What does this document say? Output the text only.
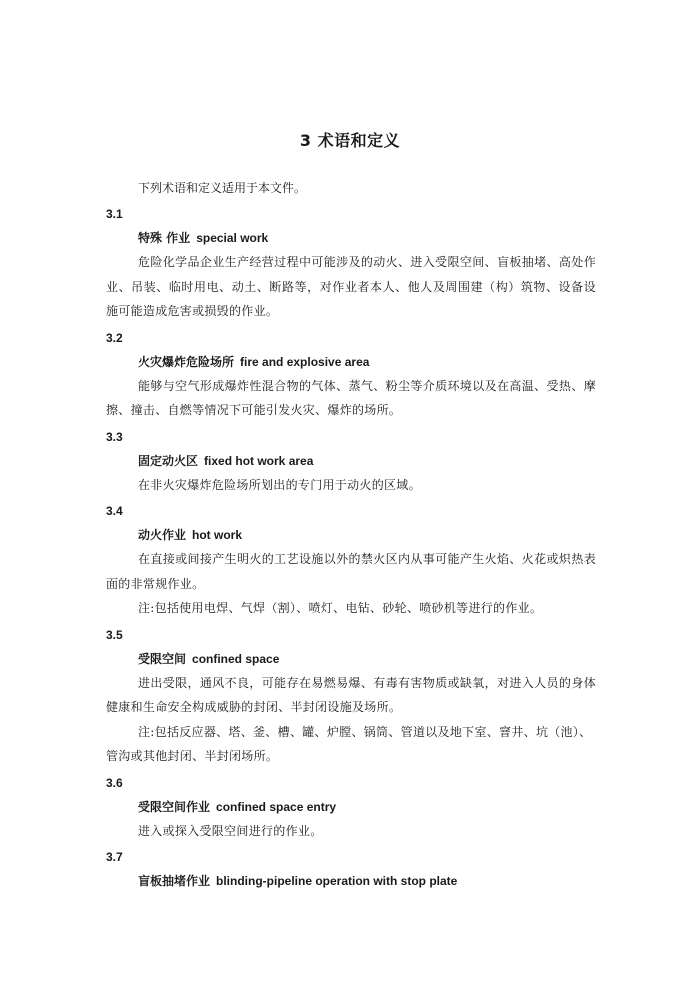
3 术语和定义
下列术语和定义适用于本文件。
3.1
特殊 作业 special work
危险化学品企业生产经营过程中可能涉及的动火、进入受限空间、盲板抽堵、高处作业、吊装、临时用电、动土、断路等，对作业者本人、他人及周围建（构）筑物、设备设施可能造成危害或损毁的作业。
3.2
火灾爆炸危险场所 fire and explosive area
能够与空气形成爆炸性混合物的气体、蒸气、粉尘等介质环境以及在高温、受热、摩擦、撞击、自燃等情况下可能引发火灾、爆炸的场所。
3.3
固定动火区 fixed hot work area
在非火灾爆炸危险场所划出的专门用于动火的区域。
3.4
动火作业 hot work
在直接或间接产生明火的工艺设施以外的禁火区内从事可能产生火焰、火花或炽热表面的非常规作业。
注:包括使用电焊、气焊（割）、喷灯、电钻、砂轮、喷砂机等进行的作业。
3.5
受限空间 confined space
进出受限，通风不良，可能存在易燃易爆、有毒有害物质或缺氧，对进入人员的身体健康和生命安全构成威胁的封闭、半封闭设施及场所。
注:包括反应器、塔、釜、槽、罐、炉膛、锅筒、管道以及地下室、窨井、坑（池）、管沟或其他封闭、半封闭场所。
3.6
受限空间作业 confined space entry
进入或探入受限空间进行的作业。
3.7
盲板抽堵作业 blinding-pipeline operation with stop plate
